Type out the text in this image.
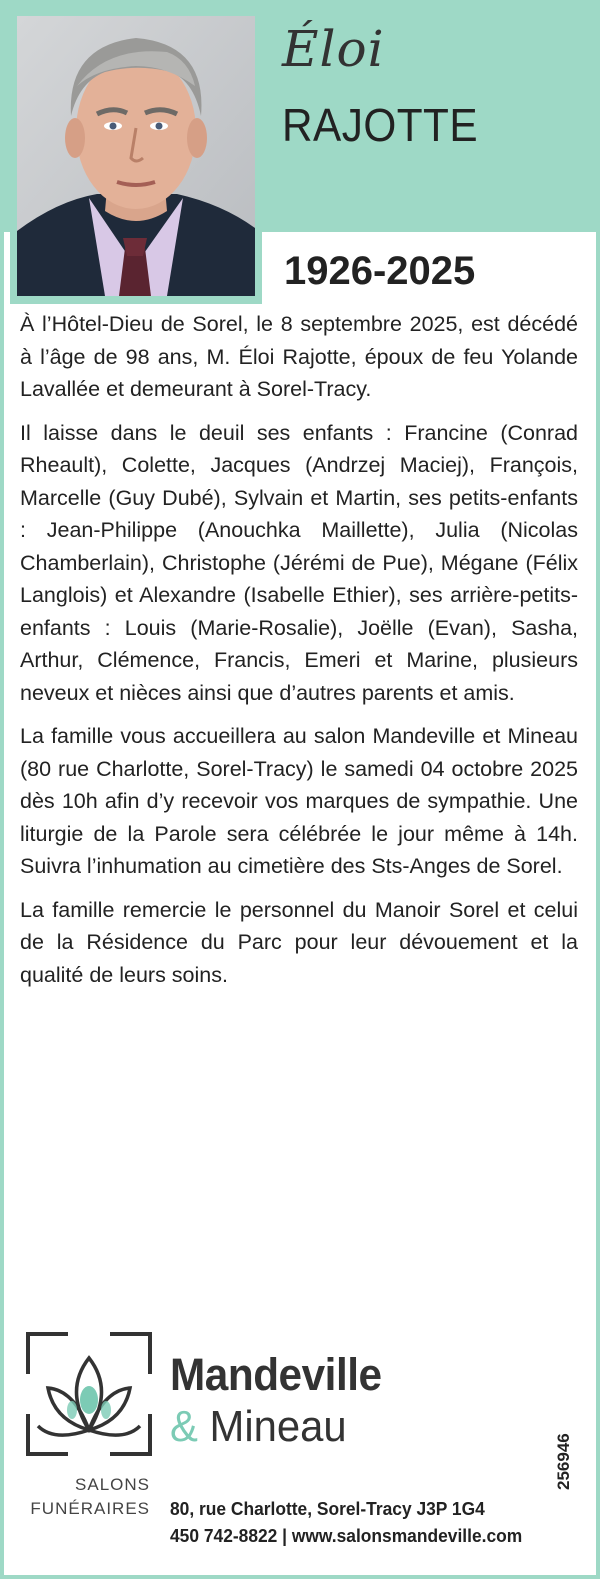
Éloi
RAJOTTE
1926-2025

À l’Hôtel-Dieu de Sorel, le 8 septembre 2025, est décédé à l’âge de 98 ans, M. Éloi Rajotte, époux de feu Yolande Lavallée et demeurant à Sorel-Tracy.

Il laisse dans le deuil ses enfants : Francine (Conrad Rheault), Colette, Jacques (Andrzej Maciej), François, Marcelle (Guy Dubé), Sylvain et Martin, ses petits-enfants : Jean-Philippe (Anouchka Maillette), Julia (Nicolas Chamberlain), Christophe (Jérémi de Pue), Mégane (Félix Langlois) et Alexandre (Isabelle Ethier), ses arrière-petits-enfants : Louis (Marie-Rosalie), Joëlle (Evan), Sasha, Arthur, Clémence, Francis, Emeri et Marine, plusieurs neveux et nièces ainsi que d’autres parents et amis.

La famille vous accueillera au salon Mandeville et Mineau (80 rue Charlotte, Sorel-Tracy) le samedi 04 octobre 2025 dès 10h afin d’y recevoir vos marques de sympathie. Une liturgie de la Parole sera célébrée le jour même à 14h. Suivra l’inhumation au cimetière des Sts-Anges de Sorel.

La famille remercie le personnel du Manoir Sorel et celui de la Résidence du Parc pour leur dévouement et la qualité de leurs soins.

Mandeville
& Mineau
SALONS
FUNÉRAIRES 80, rue Charlotte, Sorel-Tracy J3P 1G4
450 742-8822 | www.salonsmandeville.com
256946
